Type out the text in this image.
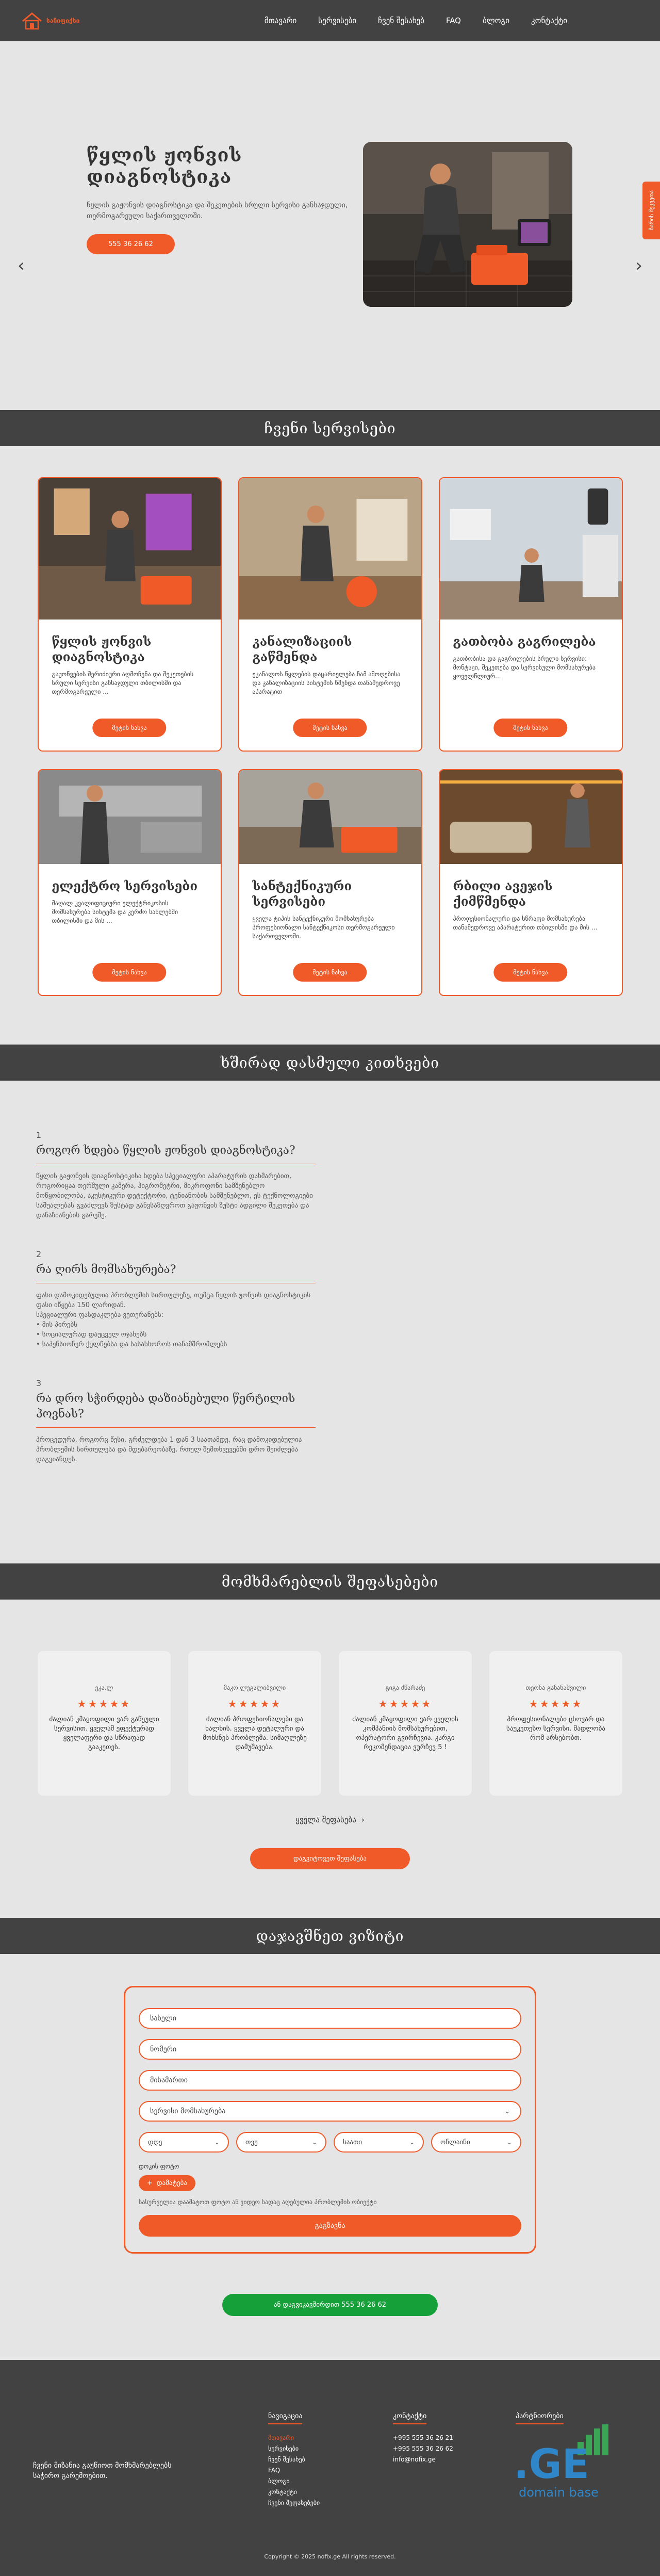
საჩიფიქსი	მთავარი	სერვისები	ჩვენ შესახებ	FAQ	ბლოგი	კონტაქტი
‹
წყლის ჟონვის დიაგნოსტიკა

წყლის გაჟონვის დიაგნოსტიკა და შეკეთების სრული სერვისი განსაჯდული, თერმოგარეული საქართველოში.

555 36 26 62
›
ზარის შეკვეთა
ჩვენი სერვისები
წყლის ჟონვის დიაგნოსტიკა

გაჟონვების მერიძიური აღმოჩენა და შეკეთების სრული სერვისი განსაჯდული თბილისში და თერმოგარეული ...

მეტის ნახვა
კანალიზაციის გაწმენდა

ეკანალოს წყლების დაცარიელება ჩამ ამოღებისა და კანალიზაციის სისტემის წმენდა თანამედროვე აპარატით

მეტის ნახვა
გათბობა გაგრილება

გათბობისა და გაგრილების სრული სერვისი: მონტაჟი, შეკეთება და სერვისული მომსახურება ყოველწლიურ...

მეტის ნახვა
ელექტრო სერვისები

მაღალ კვალიფიციური ელექტრიკოსის მომსახურება სისტემა და კერძო სახლებში თბილისში და მის ...

მეტის ნახვა
სანტექნიკური სერვისები

ყველა ტიპის სანტექნიკური მომსახურება პროფესიონალი სანტექნიკოსი თერმოგარეული საქართველოში.

მეტის ნახვა
რბილი ავეჯის ქიმწმენდა

პროფესიონალური და სწრაფი მომსახურება თანამედროვე აპარატურით თბილისში და მის ...

მეტის ნახვა
ხშირად დასმული კითხვები
1
როგორ ხდება წყლის ჟონვის დიაგნოსტიკა?
წყლის გაჟონვის დიაგნოსტიკისა ხდება სპეციალური აპარატურის დახმარებით, როგორიცაა თერმული კამერა, ჰიგრომეტრი, მიკროფონი სამშენებლო მოწყობილობა, აკუსტიკური დეტექტორი, ტენიანობის სამშენებლო, ეს ტექნოლოგიები საშუალებას გვაძლევს ზუსტად განვსაზღვროთ გაჟონვის ზუსტი ადგილი შეკეთება და დანაზიანების გარეშე.
2
რა ღირს მომსახურება?
ფასი დამოკიდებულია პრობლემის სირთულეზე, თუმცა წყლის ჟონვის დიაგნოსტიკის ფასი იწყება 150 ლარიდან.
სპეციალური ფასდაკლება ვეთერანებს:
• მის პირებს
• სოციალურად დაუცველ ოჯახებს
• საპენსიონერ ქულჩებსა და სასახსოროს თანამშრომლებს
3
რა დრო სჭირდება დაზიანებული წერტილის პოვნას?
პროცედურა, როგორც წესი, გრძელდება 1 დან 3 საათამდე, რაც დამოკიდებულია პრობლემის სირთულესა და მდებარეობაზე. რთულ შემთხვევებში დრო შეიძლება დაგვიანდეს.
მომხმარებლის შეფასებები
ეკა.ლ
★★★★★
ძალიან კმაყოფილი ვარ გაწეული სერვისით. ყველამ ეფექტურად ყველაფერი და სწრაფად გააკეთეს.
მაკო ლუგალიშვილი
★★★★★
ძალიან პროფესიონალები და ხალხის. ყველა დეტალური და მოხსნეს პრობლემა. სიმაღლეზე დამუშავება.
გიგა ძწარაძე
★★★★★
ძალიან კმაყოფილი ვარ ეველის კომპანიის მომსახურებით, ოპერატორი გვირჩევია. კარგი რეკომენდაცია ვურჩევ 5 !
თეონა განანაშვილი
★★★★★
პროფესიონალები ცხოვარ და საუკეთესო სერვისი. მადლობა რომ არსებობთ.
ყველა შეფასება ›

დაგვიტოვეთ შეფასება
დაჯავშნეთ ვიზიტი
სახელი
ნომერი
მისამართი
სერვისი მომსახურება	⌄
დღე	⌄	თვე	⌄	საათი	⌄	ონლაინი	⌄
დოკის ფოტო
+ დამატება
სასურველია დაამატოთ ფოტო ან ვიდეო სადაც აღებულია პრობლემის ობიექტი
გაგზავნა
ან დაგვიკავშირდით 555 36 26 62
ჩვენი მიზანია გაუწიოთ მომხმარებლებს საჭირო გარემოებით.
ნავიგაცია
მთავარი
სერვისები
ჩვენ შესახებ
FAQ
ბლოგი
კონტაქტი
ჩვენი შეფასებები
კონტაქტი
+995 555 36 26 21
+995 555 36 26 62
info@nofix.ge
პარტნიორები
.GE
domain base
Copyright © 2025 nofix.ge All rights reserved.
